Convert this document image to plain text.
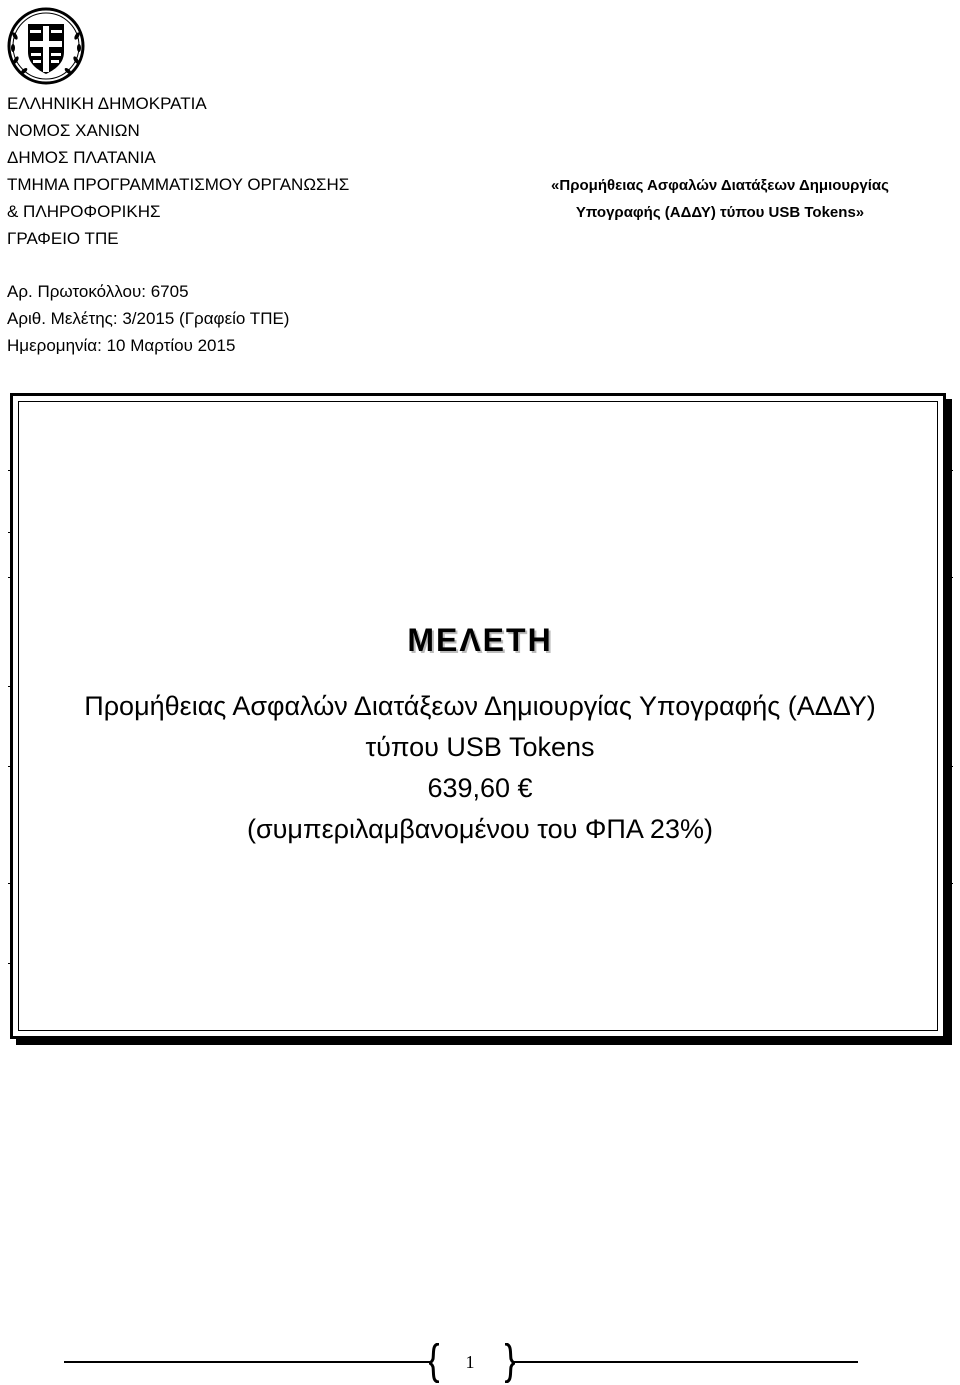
ΕΛΛΗΝΙΚΗ ΔΗΜΟΚΡΑΤΙΑ
ΝΟΜΟΣ ΧΑΝΙΩΝ
ΔΗΜΟΣ ΠΛΑΤΑΝΙΑ
ΤΜΗΜΑ ΠΡΟΓΡΑΜΜΑΤΙΣΜΟΥ ΟΡΓΑΝΩΣΗΣ
& ΠΛΗΡΟΦΟΡΙΚΗΣ
ΓΡΑΦΕΙΟ ΤΠΕ
«Προμήθειας Ασφαλών Διατάξεων Δημιουργίας
Υπογραφής (ΑΔΔΥ) τύπου USB Tokens»
Αρ. Πρωτοκόλλου: 6705
Αριθ. Μελέτης: 3/2015 (Γραφείο ΤΠΕ)
Ημερομηνία: 10 Μαρτίου 2015
ΜΕΛΕΤΗ
Προμήθειας Ασφαλών Διατάξεων Δημιουργίας Υπογραφής (ΑΔΔΥ)
τύπου USB Tokens
639,60 €
(συμπεριλαμβανομένου του ΦΠΑ 23%)
1
